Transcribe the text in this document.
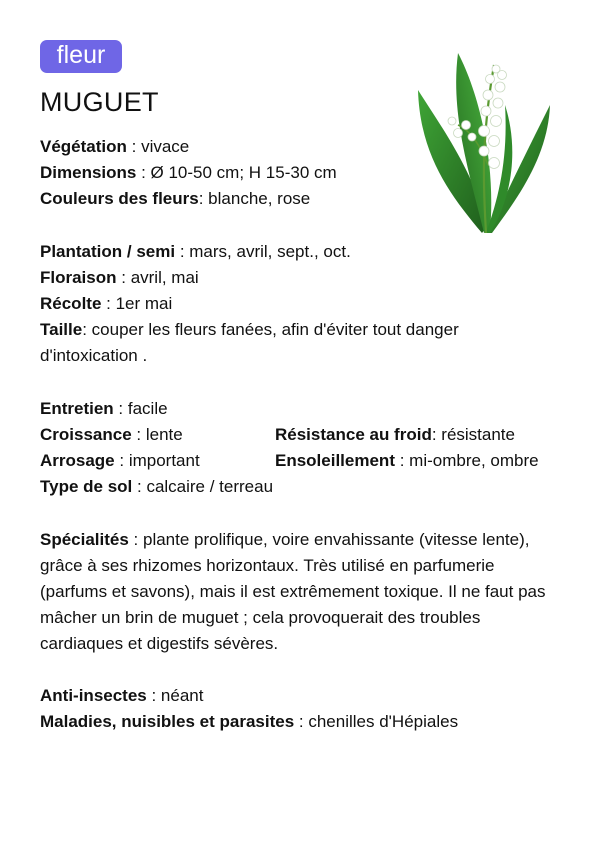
fleur
MUGUET
Végétation : vivace
Dimensions : Ø 10-50 cm; H 15-30 cm
Couleurs des fleurs: blanche, rose
Plantation / semi : mars, avril, sept., oct.
Floraison : avril, mai
Récolte : 1er mai
Taille: couper les fleurs fanées, afin d'éviter tout danger d'intoxication .
Entretien : facile
Croissance : lente	Résistance au froid: résistante
Arrosage : important	Ensoleillement : mi-ombre, ombre
Type de sol : calcaire / terreau
Spécialités : plante prolifique, voire envahissante (vitesse lente), grâce à ses rhizomes horizontaux. Très utilisé en parfumerie (parfums et savons), mais il est extrêmement toxique. Il ne faut pas mâcher un brin de muguet ; cela provoquerait des troubles cardiaques et digestifs sévères.
Anti-insectes : néant
Maladies, nuisibles et parasites : chenilles d'Hépiales
